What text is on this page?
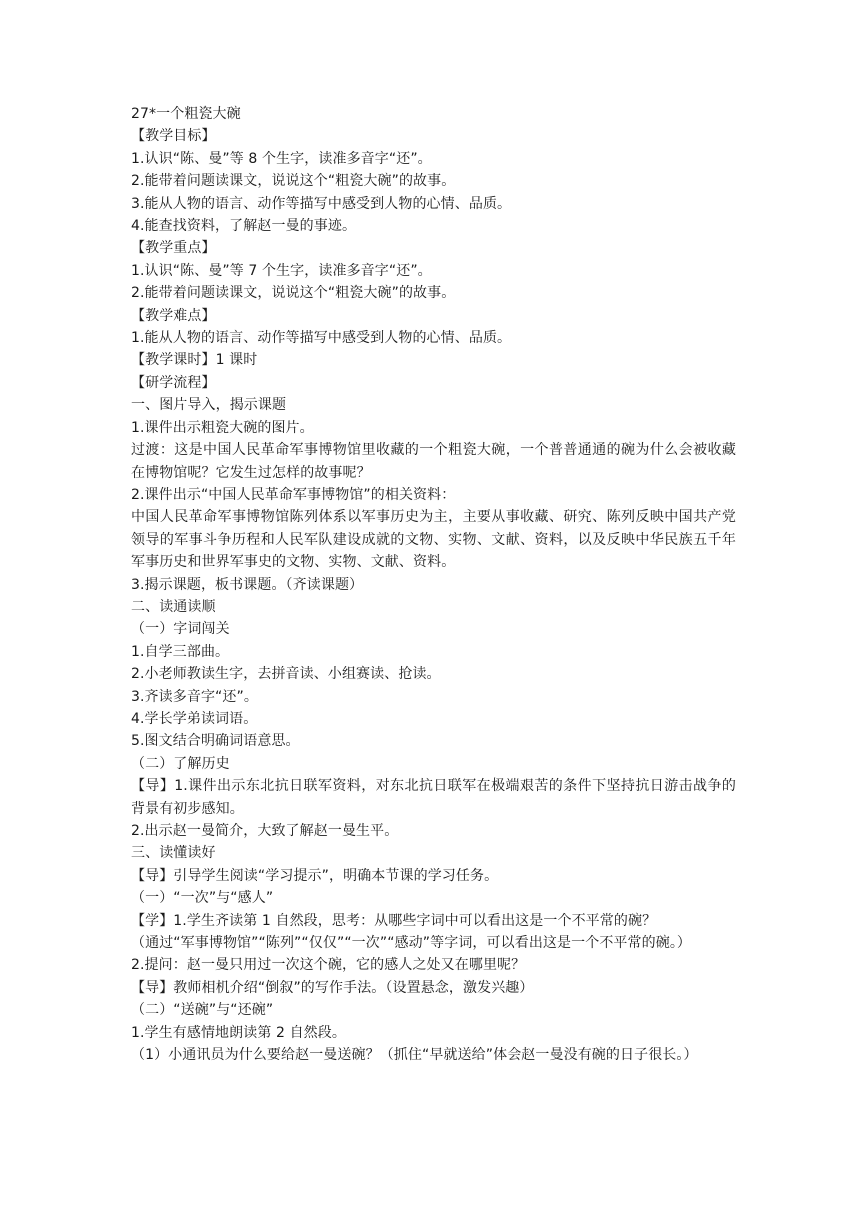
27*一个粗瓷大碗
【教学目标】
1.认识“陈、曼”等 8 个生字，读准多音字“还”。
2.能带着问题读课文，说说这个“粗瓷大碗”的故事。
3.能从人物的语言、动作等描写中感受到人物的心情、品质。
4.能查找资料，了解赵一曼的事迹。
【教学重点】
1.认识“陈、曼”等 7 个生字，读准多音字“还”。
2.能带着问题读课文，说说这个“粗瓷大碗”的故事。
【教学难点】
1.能从人物的语言、动作等描写中感受到人物的心情、品质。
【教学课时】1 课时
【研学流程】
一、图片导入，揭示课题
1.课件出示粗瓷大碗的图片。
过渡：这是中国人民革命军事博物馆里收藏的一个粗瓷大碗，一个普普通通的碗为什么会被收藏在博物馆呢？它发生过怎样的故事呢？
2.课件出示“中国人民革命军事博物馆”的相关资料：
中国人民革命军事博物馆陈列体系以军事历史为主，主要从事收藏、研究、陈列反映中国共产党领导的军事斗争历程和人民军队建设成就的文物、实物、文献、资料，以及反映中华民族五千年军事历史和世界军事史的文物、实物、文献、资料。
3.揭示课题，板书课题。（齐读课题）
二、读通读顺
（一）字词闯关
1.自学三部曲。
2.小老师教读生字，去拼音读、小组赛读、抢读。
3.齐读多音字“还”。
4.学长学弟读词语。
5.图文结合明确词语意思。
（二）了解历史
【导】1.课件出示东北抗日联军资料，对东北抗日联军在极端艰苦的条件下坚持抗日游击战争的背景有初步感知。
2.出示赵一曼简介，大致了解赵一曼生平。
三、读懂读好
【导】引导学生阅读“学习提示”，明确本节课的学习任务。
（一）“一次”与“感人”
【学】1.学生齐读第 1 自然段，思考：从哪些字词中可以看出这是一个不平常的碗？
（通过“军事博物馆”“陈列”“仅仅”“一次”“感动”等字词，可以看出这是一个不平常的碗。）
2.提问：赵一曼只用过一次这个碗，它的感人之处又在哪里呢？
【导】教师相机介绍“倒叙”的写作手法。（设置悬念，激发兴趣）
（二）“送碗”与“还碗”
1.学生有感情地朗读第 2 自然段。
（1）小通讯员为什么要给赵一曼送碗？（抓住“早就送给”体会赵一曼没有碗的日子很长。）
